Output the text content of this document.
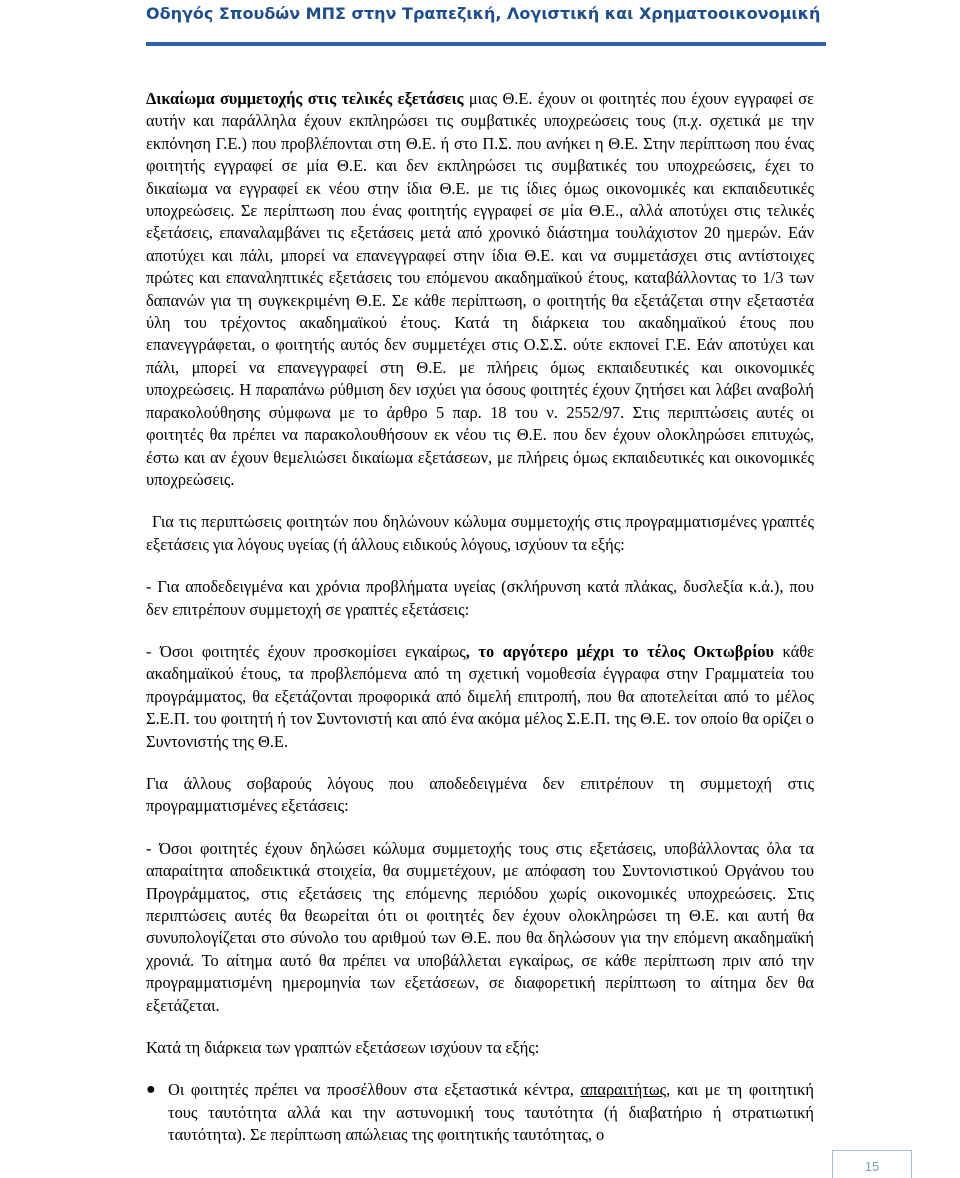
Οδηγός Σπουδών ΜΠΣ στην Τραπεζική, Λογιστική και Χρηματοοικονομική

Δικαίωμα συμμετοχής στις τελικές εξετάσεις μιας Θ.Ε. έχουν οι φοιτητές που έχουν εγγραφεί σε αυτήν και παράλληλα έχουν εκπληρώσει τις συμβατικές υποχρεώσεις τους (π.χ. σχετικά με την εκπόνηση Γ.Ε.) που προβλέπονται στη Θ.Ε. ή στο Π.Σ. που ανήκει η Θ.Ε. Στην περίπτωση που ένας φοιτητής εγγραφεί σε μία Θ.Ε. και δεν εκπληρώσει τις συμβατικές του υποχρεώσεις, έχει το δικαίωμα να εγγραφεί εκ νέου στην ίδια Θ.Ε. με τις ίδιες όμως οικονομικές και εκπαιδευτικές υποχρεώσεις. Σε περίπτωση που ένας φοιτητής εγγραφεί σε μία Θ.Ε., αλλά αποτύχει στις τελικές εξετάσεις, επαναλαμβάνει τις εξετάσεις μετά από χρονικό διάστημα τουλάχιστον 20 ημερών. Εάν αποτύχει και πάλι, μπορεί να επανεγγραφεί στην ίδια Θ.Ε. και να συμμετάσχει στις αντίστοιχες πρώτες και επαναληπτικές εξετάσεις του επόμενου ακαδημαϊκού έτους, καταβάλλοντας το 1/3 των δαπανών για τη συγκεκριμένη Θ.Ε. Σε κάθε περίπτωση, ο φοιτητής θα εξετάζεται στην εξεταστέα ύλη του τρέχοντος ακαδημαϊκού έτους. Κατά τη διάρκεια του ακαδημαϊκού έτους που επανεγγράφεται, ο φοιτητής αυτός δεν συμμετέχει στις Ο.Σ.Σ. ούτε εκπονεί Γ.Ε. Εάν αποτύχει και πάλι, μπορεί να επανεγγραφεί στη Θ.Ε. με πλήρεις όμως εκπαιδευτικές και οικονομικές υποχρεώσεις. Η παραπάνω ρύθμιση δεν ισχύει για όσους φοιτητές έχουν ζητήσει και λάβει αναβολή παρακολούθησης σύμφωνα με το άρθρο 5 παρ. 18 του ν. 2552/97. Στις περιπτώσεις αυτές οι φοιτητές θα πρέπει να παρακολουθήσουν εκ νέου τις Θ.Ε. που δεν έχουν ολοκληρώσει επιτυχώς, έστω και αν έχουν θεμελιώσει δικαίωμα εξετάσεων, με πλήρεις όμως εκπαιδευτικές και οικονομικές υποχρεώσεις.

Για τις περιπτώσεις φοιτητών που δηλώνουν κώλυμα συμμετοχής στις προγραμματισμένες γραπτές εξετάσεις για λόγους υγείας (ή άλλους ειδικούς λόγους, ισχύουν τα εξής:

- Για αποδεδειγμένα και χρόνια προβλήματα υγείας (σκλήρυνση κατά πλάκας, δυσλεξία κ.ά.), που δεν επιτρέπουν συμμετοχή σε γραπτές εξετάσεις:

- Όσοι φοιτητές έχουν προσκομίσει εγκαίρως, το αργότερο μέχρι το τέλος Οκτωβρίου κάθε ακαδημαϊκού έτους, τα προβλεπόμενα από τη σχετική νομοθεσία έγγραφα στην Γραμματεία του προγράμματος, θα εξετάζονται προφορικά από διμελή επιτροπή, που θα αποτελείται από το μέλος Σ.Ε.Π. του φοιτητή ή τον Συντονιστή και από ένα ακόμα μέλος Σ.Ε.Π. της Θ.Ε. τον οποίο θα ορίζει ο Συντονιστής της Θ.Ε.

Για άλλους σοβαρούς λόγους που αποδεδειγμένα δεν επιτρέπουν τη συμμετοχή στις προγραμματισμένες εξετάσεις:

- Όσοι φοιτητές έχουν δηλώσει κώλυμα συμμετοχής τους στις εξετάσεις, υποβάλλοντας όλα τα απαραίτητα αποδεικτικά στοιχεία, θα συμμετέχουν, με απόφαση του Συντονιστικού Οργάνου του Προγράμματος, στις εξετάσεις της επόμενης περιόδου χωρίς οικονομικές υποχρεώσεις. Στις περιπτώσεις αυτές θα θεωρείται ότι οι φοιτητές δεν έχουν ολοκληρώσει τη Θ.Ε. και αυτή θα συνυπολογίζεται στο σύνολο του αριθμού των Θ.Ε. που θα δηλώσουν για την επόμενη ακαδημαϊκή χρονιά. Το αίτημα αυτό θα πρέπει να υποβάλλεται εγκαίρως, σε κάθε περίπτωση πριν από την προγραμματισμένη ημερομηνία των εξετάσεων, σε διαφορετική περίπτωση το αίτημα δεν θα εξετάζεται.

Κατά τη διάρκεια των γραπτών εξετάσεων ισχύουν τα εξής:

● Οι φοιτητές πρέπει να προσέλθουν στα εξεταστικά κέντρα, απαραιτήτως, και με τη φοιτητική τους ταυτότητα αλλά και την αστυνομική τους ταυτότητα (ή διαβατήριο ή στρατιωτική ταυτότητα). Σε περίπτωση απώλειας της φοιτητικής ταυτότητας, ο
15
